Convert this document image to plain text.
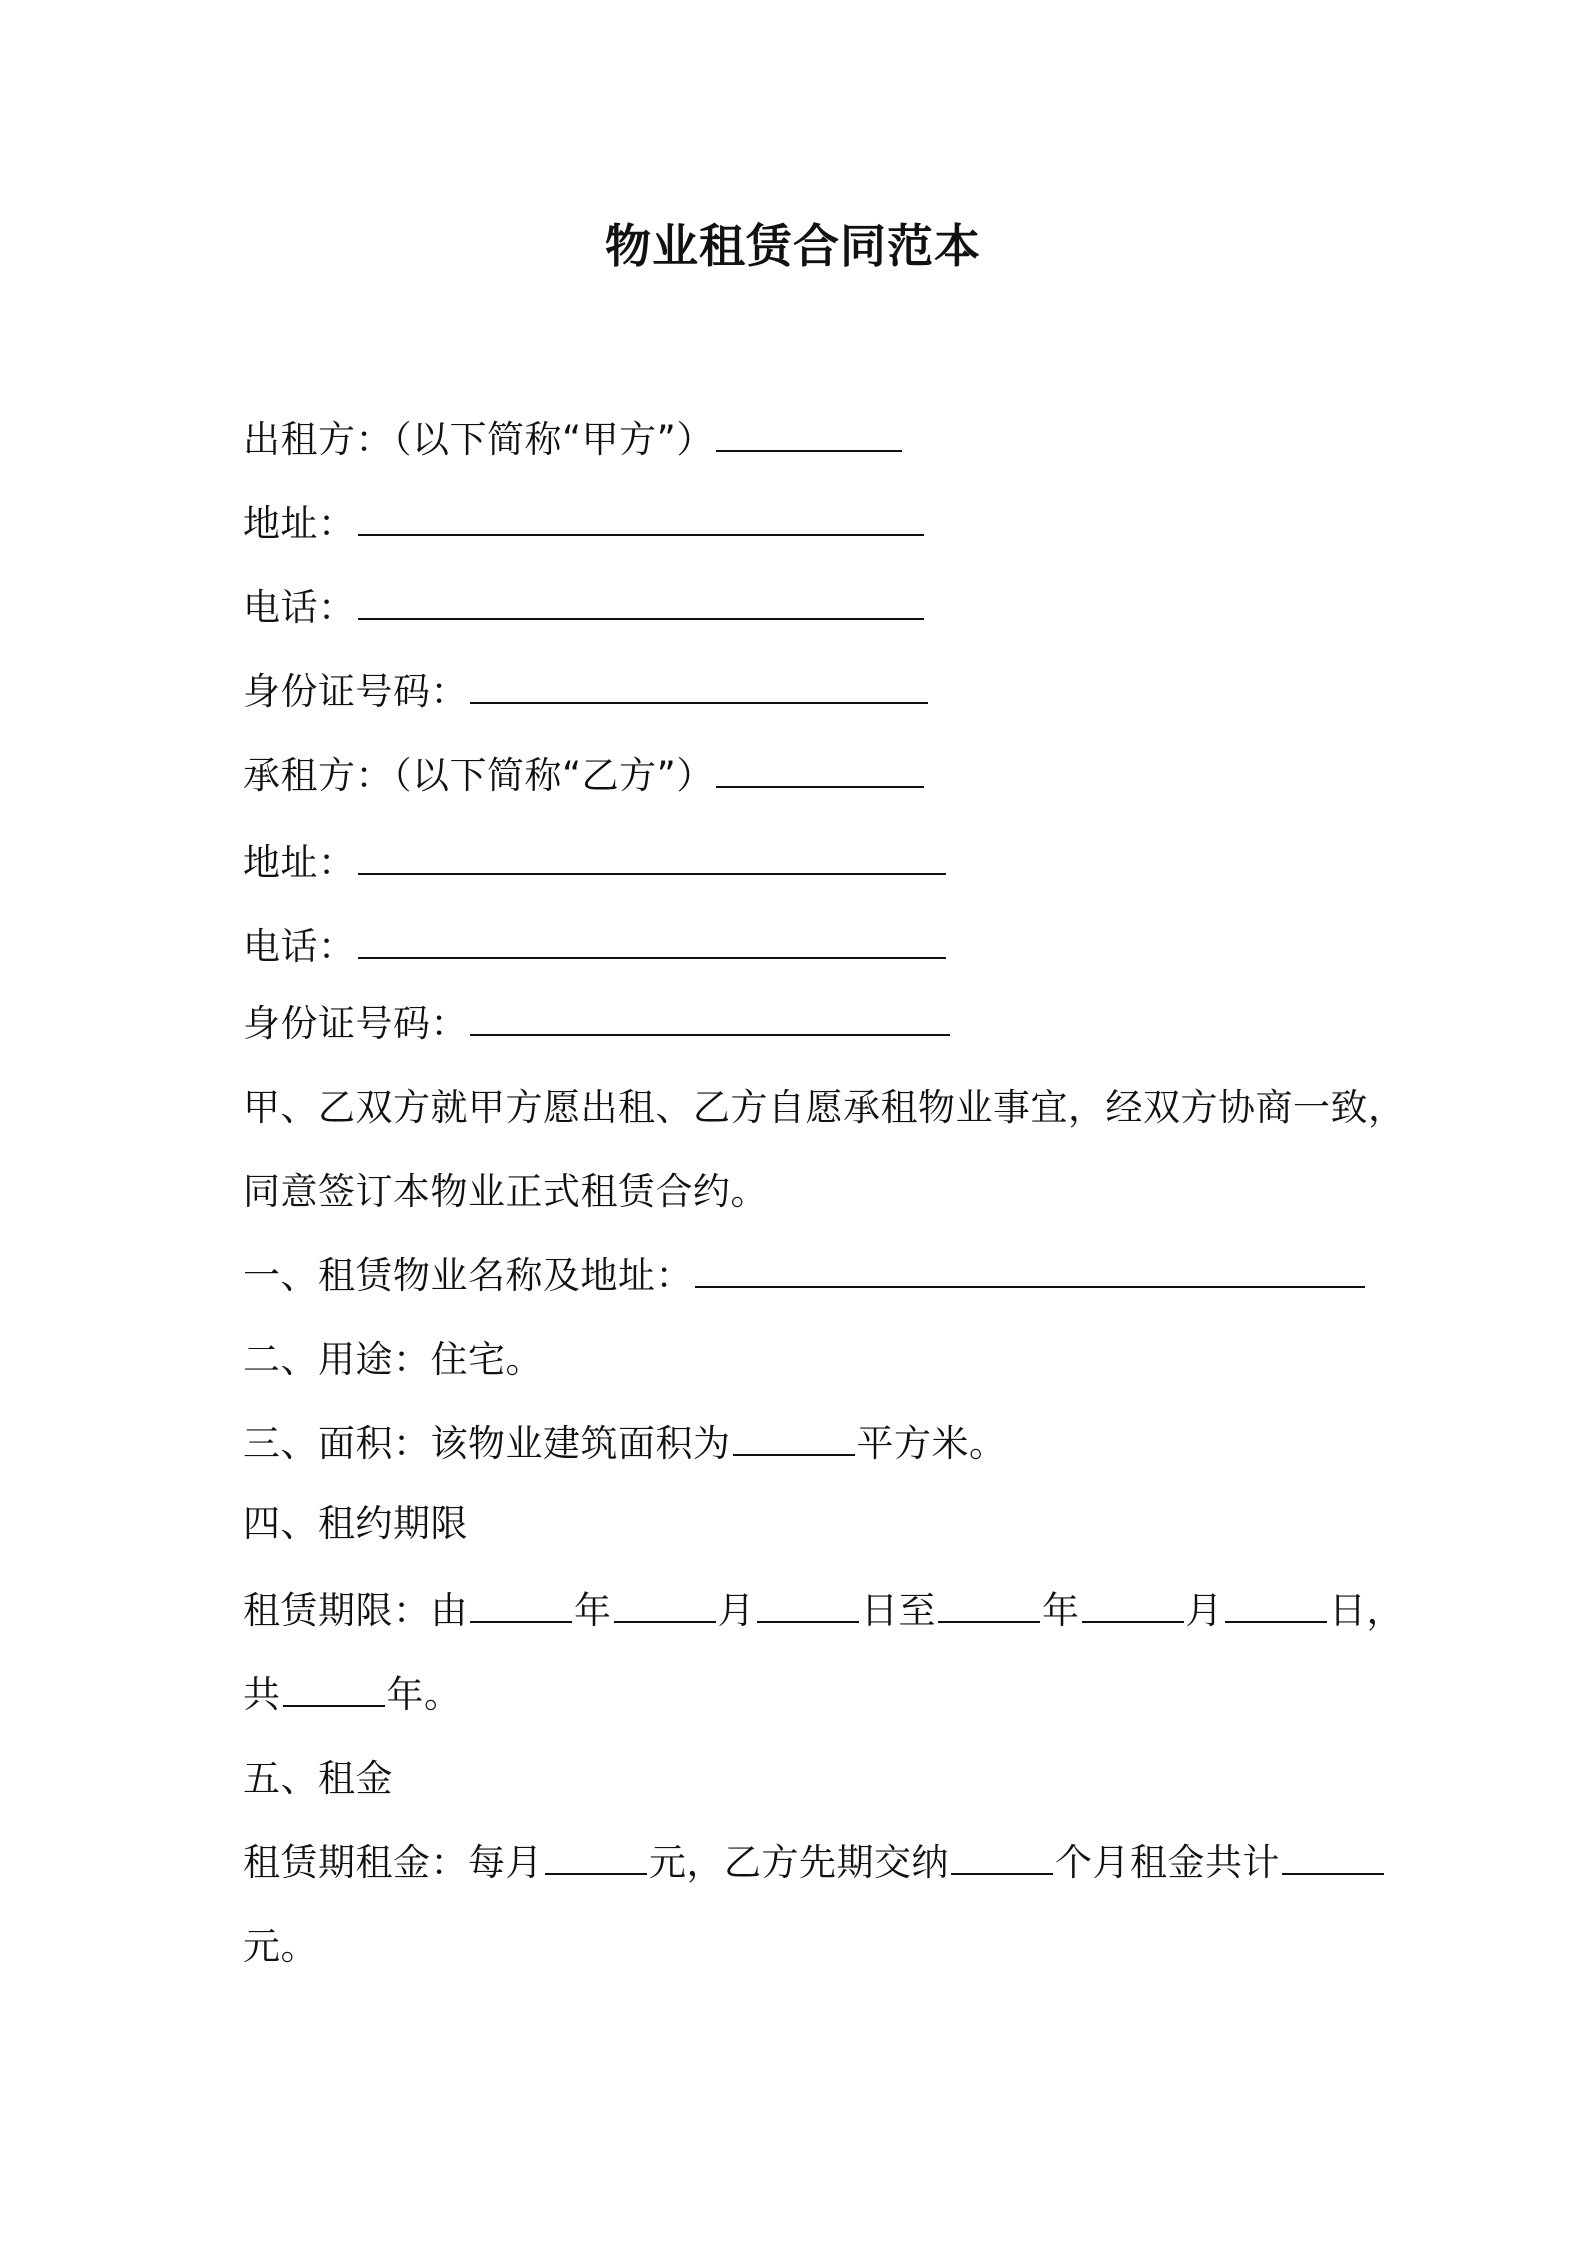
物业租赁合同范本
出租方：（以下简称“甲方”）
地址：
电话：
身份证号码：
承租方：（以下简称“乙方”）
地址：
电话：
身份证号码：
甲、乙双方就甲方愿出租、乙方自愿承租物业事宜，经双方协商一致，
同意签订本物业正式租赁合约。
一、租赁物业名称及地址：
二、用途：住宅。
三、面积：该物业建筑面积为	平方米。
四、租约期限
租赁期限：由	年	月	日至	年	月	日，
共	年。
五、租金
租赁期租金：每月	元，乙方先期交纳	个月租金共计
元。
